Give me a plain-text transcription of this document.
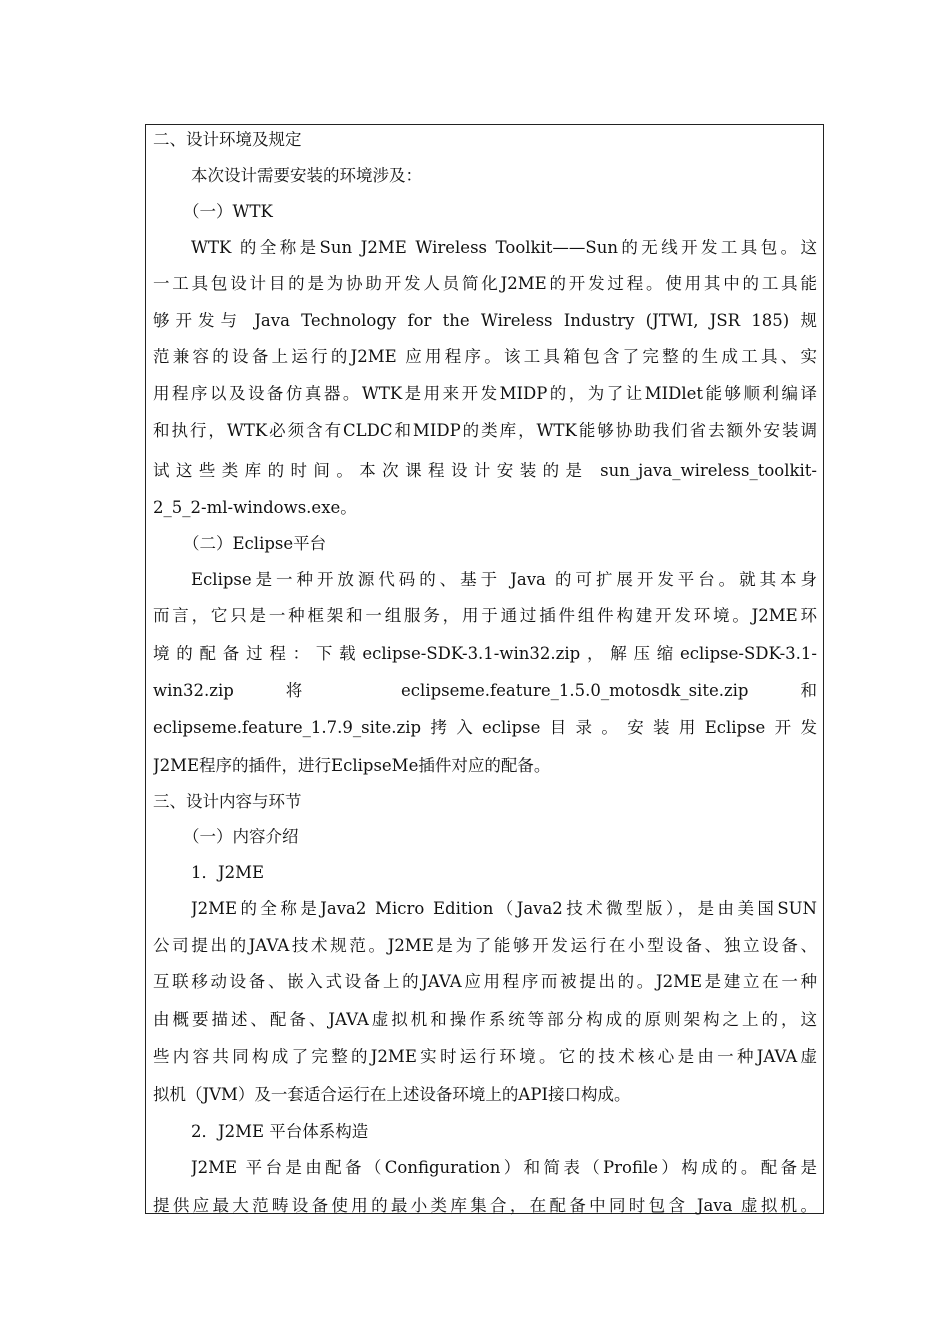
二、设计环境及规定
本次设计需要安装的环境涉及：
（一）WTK
WTK 的全称是Sun J2ME Wireless Toolkit——Sun的无线开发工具包。这
一工具包设计目的是为协助开发人员简化J2ME的开发过程。使用其中的工具能
够开发与 Java Technology for the Wireless Industry (JTWI, JSR 185) 规
范兼容的设备上运行的J2ME 应用程序。该工具箱包含了完整的生成工具、实
用程序以及设备仿真器。WTK是用来开发MIDP的，为了让MIDlet能够顺利编译
和执行，WTK必须含有CLDC和MIDP的类库，WTK能够协助我们省去额外安装调
试这些类库的时间。本次课程设计安装的是 sun_java_wireless_toolkit-
2_5_2-ml-windows.exe。
（二）Eclipse平台
Eclipse是一种开放源代码的、基于 Java 的可扩展开发平台。就其本身
而言，它只是一种框架和一组服务，用于通过插件组件构建开发环境。J2ME环
境的配备过程：下载eclipse-SDK-3.1-win32.zip，解压缩eclipse-SDK-3.1-
win32.zip 将 eclipseme.feature_1.5.0_motosdk_site.zip 和
eclipseme.feature_1.7.9_site.zip拷入eclipse目录。安装用Eclipse开发
J2ME程序的插件，进行EclipseMe插件对应的配备。
三、设计内容与环节
（一）内容介绍
1．J2ME
J2ME的全称是Java2 Micro Edition（Java2技术微型版），是由美国SUN
公司提出的JAVA技术规范。J2ME是为了能够开发运行在小型设备、独立设备、
互联移动设备、嵌入式设备上的JAVA应用程序而被提出的。J2ME是建立在一种
由概要描述、配备、JAVA虚拟机和操作系统等部分构成的原则架构之上的，这
些内容共同构成了完整的J2ME实时运行环境。它的技术核心是由一种JAVA虚
拟机（JVM）及一套适合运行在上述设备环境上的API接口构成。
2．J2ME 平台体系构造
J2ME 平台是由配备（Configuration）和简表（Profile）构成的。配备是
提供应最大范畴设备使用的最小类库集合，在配备中同时包含 Java 虚拟机。
